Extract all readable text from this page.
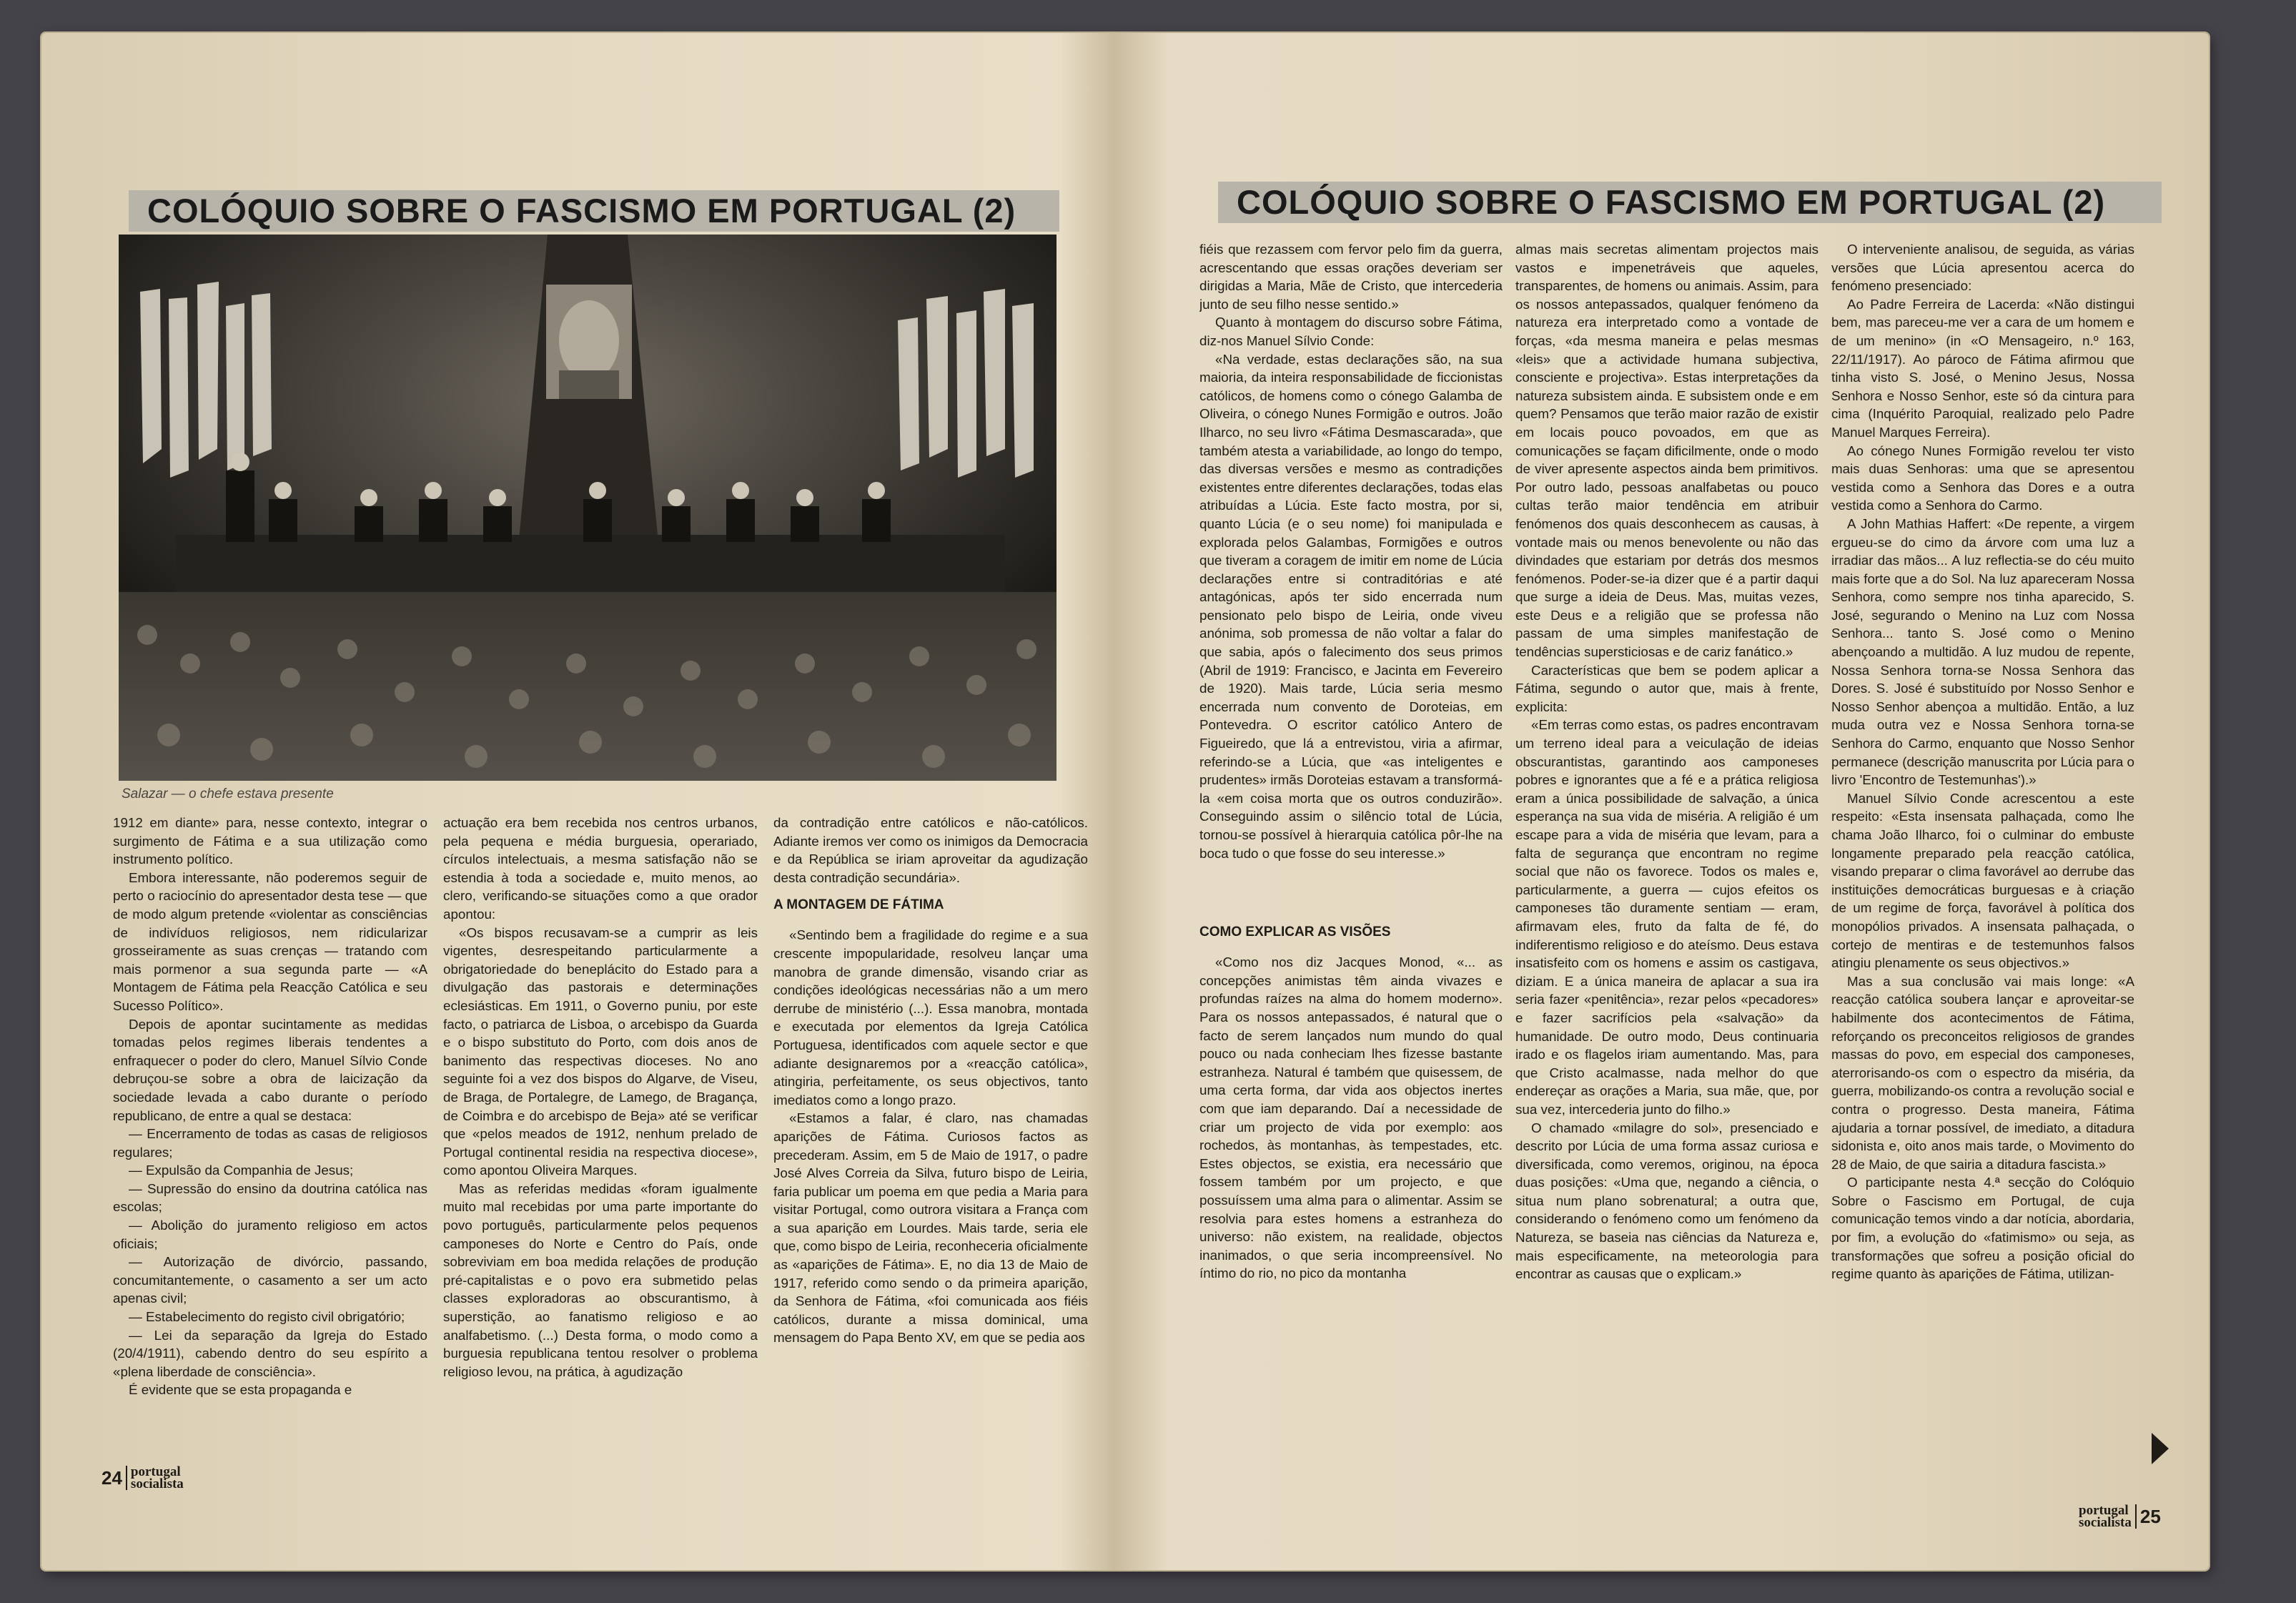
COLÓQUIO SOBRE O FASCISMO EM PORTUGAL (2)
Salazar — o chefe estava presente

1912 em diante» para, nesse contexto, integrar o surgimento de Fátima e a sua utilização como instrumento político.

Embora interessante, não poderemos seguir de perto o raciocínio do apresentador desta tese — que de modo algum pretende «violentar as consciências de indivíduos religiosos, nem ridicularizar grosseiramente as suas crenças — tratando com mais pormenor a sua segunda parte — «A Montagem de Fátima pela Reacção Católica e seu Sucesso Político».

Depois de apontar sucintamente as medidas tomadas pelos regimes liberais tendentes a enfraquecer o poder do clero, Manuel Sílvio Conde debruçou-se sobre a obra de laicização da sociedade levada a cabo durante o período republicano, de entre a qual se destaca:

— Encerramento de todas as casas de religiosos regulares;

— Expulsão da Companhia de Jesus;

— Supressão do ensino da doutrina católica nas escolas;

— Abolição do juramento religioso em actos oficiais;

— Autorização de divórcio, passando, concumitantemente, o casamento a ser um acto apenas civil;

— Estabelecimento do registo civil obrigatório;

— Lei da separação da Igreja do Estado (20/4/1911), cabendo dentro do seu espírito a «plena liberdade de consciência».

É evidente que se esta propaganda e

actuação era bem recebida nos centros urbanos, pela pequena e média burguesia, operariado, círculos intelectuais, a mesma satisfação não se estendia à toda a sociedade e, muito menos, ao clero, verificando-se situações como a que orador apontou:

«Os bispos recusavam-se a cumprir as leis vigentes, desrespeitando particularmente a obrigatoriedade do beneplácito do Estado para a divulgação das pastorais e determinações eclesiásticas. Em 1911, o Governo puniu, por este facto, o patriarca de Lisboa, o arcebispo da Guarda e o bispo substituto do Porto, com dois anos de banimento das respectivas dioceses. No ano seguinte foi a vez dos bispos do Algarve, de Viseu, de Braga, de Portalegre, de Lamego, de Bragança, de Coimbra e do arcebispo de Beja» até se verificar que «pelos meados de 1912, nenhum prelado de Portugal continental residia na respectiva diocese», como apontou Oliveira Marques.

Mas as referidas medidas «foram igualmente muito mal recebidas por uma parte importante do povo português, particularmente pelos pequenos camponeses do Norte e Centro do País, onde sobreviviam em boa medida relações de produção pré-capitalistas e o povo era submetido pelas classes exploradoras ao obscurantismo, à superstição, ao fanatismo religioso e ao analfabetismo. (...) Desta forma, o modo como a burguesia republicana tentou resolver o problema religioso levou, na prática, à agudização

da contradição entre católicos e não-católicos. Adiante iremos ver como os inimigos da Democracia e da República se iriam aproveitar da agudização desta contradição secundária».

A MONTAGEM DE FÁTIMA

«Sentindo bem a fragilidade do regime e a sua crescente impopularidade, resolveu lançar uma manobra de grande dimensão, visando criar as condições ideológicas necessárias não a um mero derrube de ministério (...). Essa manobra, montada e executada por elementos da Igreja Católica Portuguesa, identificados com aquele sector e que adiante designaremos por a «reacção católica», atingiria, perfeitamente, os seus objectivos, tanto imediatos como a longo prazo.

«Estamos a falar, é claro, nas chamadas aparições de Fátima. Curiosos factos as precederam. Assim, em 5 de Maio de 1917, o padre José Alves Correia da Silva, futuro bispo de Leiria, faria publicar um poema em que pedia a Maria para visitar Portugal, como outrora visitara a França com a sua aparição em Lourdes. Mais tarde, seria ele que, como bispo de Leiria, reconheceria oficialmente as «aparições de Fátima». E, no dia 13 de Maio de 1917, referido como sendo o da primeira aparição, da Senhora de Fátima, «foi comunicada aos fiéis católicos, durante a missa dominical, uma mensagem do Papa Bento XV, em que se pedia aos

24 portugal
socialista
COLÓQUIO SOBRE O FASCISMO EM PORTUGAL (2)

fiéis que rezassem com fervor pelo fim da guerra, acrescentando que essas orações deveriam ser dirigidas a Maria, Mãe de Cristo, que intercederia junto de seu filho nesse sentido.»

Quanto à montagem do discurso sobre Fátima, diz-nos Manuel Sílvio Conde:

«Na verdade, estas declarações são, na sua maioria, da inteira responsabilidade de ficcionistas católicos, de homens como o cónego Galamba de Oliveira, o cónego Nunes Formigão e outros. João Ilharco, no seu livro «Fátima Desmascarada», que também atesta a variabilidade, ao longo do tempo, das diversas versões e mesmo as contradições existentes entre diferentes declarações, todas elas atribuídas a Lúcia. Este facto mostra, por si, quanto Lúcia (e o seu nome) foi manipulada e explorada pelos Galambas, Formigões e outros que tiveram a coragem de imitir em nome de Lúcia declarações entre si contraditórias e até antagónicas, após ter sido encerrada num pensionato pelo bispo de Leiria, onde viveu anónima, sob promessa de não voltar a falar do que sabia, após o falecimento dos seus primos (Abril de 1919: Francisco, e Jacinta em Fevereiro de 1920). Mais tarde, Lúcia seria mesmo encerrada num convento de Doroteias, em Pontevedra. O escritor católico Antero de Figueiredo, que lá a entrevistou, viria a afirmar, referindo-se a Lúcia, que «as inteligentes e prudentes» irmãs Doroteias estavam a transformá-la «em coisa morta que os outros conduzirão». Conseguindo assim o silêncio total de Lúcia, tornou-se possível à hierarquia católica pôr-lhe na boca tudo o que fosse do seu interesse.»

COMO EXPLICAR AS VISÕES

«Como nos diz Jacques Monod, «... as concepções animistas têm ainda vivazes e profundas raízes na alma do homem moderno». Para os nossos antepassados, é natural que o facto de serem lançados num mundo do qual pouco ou nada conheciam lhes fizesse bastante estranheza. Natural é também que quisessem, de uma certa forma, dar vida aos objectos inertes com que iam deparando. Daí a necessidade de criar um projecto de vida por exemplo: aos rochedos, às montanhas, às tempestades, etc. Estes objectos, se existia, era necessário que fossem também por um projecto, e que possuíssem uma alma para o alimentar. Assim se resolvia para estes homens a estranheza do universo: não existem, na realidade, objectos inanimados, o que seria incompreensível. No íntimo do rio, no pico da montanha

almas mais secretas alimentam projectos mais vastos e impenetráveis que aqueles, transparentes, de homens ou animais. Assim, para os nossos antepassados, qualquer fenómeno da natureza era interpretado como a vontade de forças, «da mesma maneira e pelas mesmas «leis» que a actividade humana subjectiva, consciente e projectiva». Estas interpretações da natureza subsistem ainda. E subsistem onde e em quem? Pensamos que terão maior razão de existir em locais pouco povoados, em que as comunicações se façam dificilmente, onde o modo de viver apresente aspectos ainda bem primitivos. Por outro lado, pessoas analfabetas ou pouco cultas terão maior tendência em atribuir fenómenos dos quais desconhecem as causas, à vontade mais ou menos benevolente ou não das divindades que estariam por detrás dos mesmos fenómenos. Poder-se-ia dizer que é a partir daqui que surge a ideia de Deus. Mas, muitas vezes, este Deus e a religião que se professa não passam de uma simples manifestação de tendências supersticiosas e de cariz fanático.»

Características que bem se podem aplicar a Fátima, segundo o autor que, mais à frente, explicita:

«Em terras como estas, os padres encontravam um terreno ideal para a veiculação de ideias obscurantistas, garantindo aos camponeses pobres e ignorantes que a fé e a prática religiosa eram a única possibilidade de salvação, a única esperança na sua vida de miséria. A religião é um escape para a vida de miséria que levam, para a falta de segurança que encontram no regime social que não os favorece. Todos os males e, particularmente, a guerra — cujos efeitos os camponeses tão duramente sentiam — eram, afirmavam eles, fruto da falta de fé, do indiferentismo religioso e do ateísmo. Deus estava insatisfeito com os homens e assim os castigava, diziam. E a única maneira de aplacar a sua ira seria fazer «penitência», rezar pelos «pecadores» e fazer sacrifícios pela «salvação» da humanidade. De outro modo, Deus continuaria irado e os flagelos iriam aumentando. Mas, para que Cristo acalmasse, nada melhor do que endereçar as orações a Maria, sua mãe, que, por sua vez, intercederia junto do filho.»

O chamado «milagre do sol», presenciado e descrito por Lúcia de uma forma assaz curiosa e diversificada, como veremos, originou, na época duas posições: «Uma que, negando a ciência, o situa num plano sobrenatural; a outra que, considerando o fenómeno como um fenómeno da Natureza, se baseia nas ciências da Natureza e, mais especificamente, na meteorologia para encontrar as causas que o explicam.»

O interveniente analisou, de seguida, as várias versões que Lúcia apresentou acerca do fenómeno presenciado:

Ao Padre Ferreira de Lacerda: «Não distingui bem, mas pareceu-me ver a cara de um homem e de um menino» (in «O Mensageiro, n.º 163, 22/11/1917). Ao pároco de Fátima afirmou que tinha visto S. José, o Menino Jesus, Nossa Senhora e Nosso Senhor, este só da cintura para cima (Inquérito Paroquial, realizado pelo Padre Manuel Marques Ferreira).

Ao cónego Nunes Formigão revelou ter visto mais duas Senhoras: uma que se apresentou vestida como a Senhora das Dores e a outra vestida como a Senhora do Carmo.

A John Mathias Haffert: «De repente, a virgem ergueu-se do cimo da árvore com uma luz a irradiar das mãos... A luz reflectia-se do céu muito mais forte que a do Sol. Na luz apareceram Nossa Senhora, como sempre nos tinha aparecido, S. José, segurando o Menino na Luz com Nossa Senhora... tanto S. José como o Menino abençoando a multidão. A luz mudou de repente, Nossa Senhora torna-se Nossa Senhora das Dores. S. José é substituído por Nosso Senhor e Nosso Senhor abençoa a multidão. Então, a luz muda outra vez e Nossa Senhora torna-se Senhora do Carmo, enquanto que Nosso Senhor permanece (descrição manuscrita por Lúcia para o livro 'Encontro de Testemunhas').»

Manuel Sílvio Conde acrescentou a este respeito: «Esta insensata palhaçada, como lhe chama João Ilharco, foi o culminar do embuste longamente preparado pela reacção católica, visando preparar o clima favorável ao derrube das instituições democráticas burguesas e à criação de um regime de força, favorável à política dos monopólios privados. A insensata palhaçada, o cortejo de mentiras e de testemunhos falsos atingiu plenamente os seus objectivos.»

Mas a sua conclusão vai mais longe: «A reacção católica soubera lançar e aproveitar-se habilmente dos acontecimentos de Fátima, reforçando os preconceitos religiosos de grandes massas do povo, em especial dos camponeses, aterrorisando-os com o espectro da miséria, da guerra, mobilizando-os contra a revolução social e contra o progresso. Desta maneira, Fátima ajudaria a tornar possível, de imediato, a ditadura sidonista e, oito anos mais tarde, o Movimento do 28 de Maio, de que sairia a ditadura fascista.»

O participante nesta 4.ª secção do Colóquio Sobre o Fascismo em Portugal, de cuja comunicação temos vindo a dar notícia, abordaria, por fim, a evolução do «fatimismo» ou seja, as transformações que sofreu a posição oficial do regime quanto às aparições de Fátima, utilizan-

portugal
socialista 25
